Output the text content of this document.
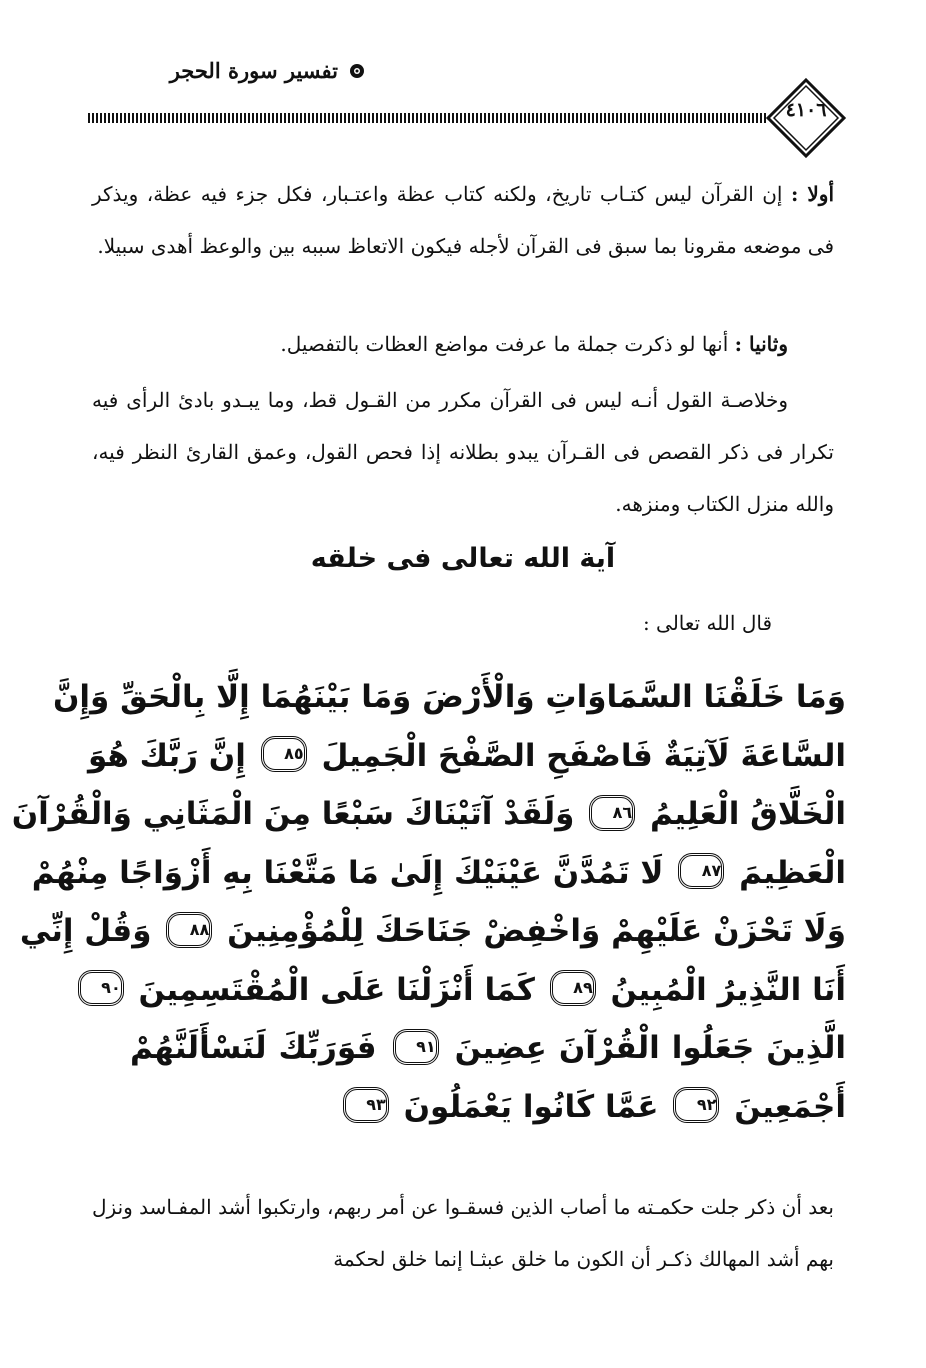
تفسير سورة الحجر
٤١٠٦

أولا : إن القرآن ليس كتـاب تاريخ، ولكنه كتاب عظة واعتـبار، فكل جزء فيه عظة، ويذكر فى موضعه مقرونا بما سبق فى القرآن لأجله فيكون الاتعاظ سببه بين والوعظ أهدى سبيلا.

وثانيا : أنها لو ذكرت جملة ما عرفت مواضع العظات بالتفصيل.

وخلاصـة القول أنـه ليس فى القرآن مكرر من القـول قط، وما يبـدو بادئ الرأى فيه تكرار فى ذكر القصص فى القـرآن يبدو بطلانه إذا فحص القول، وعمق القارئ النظر فيه، والله منزل الكتاب ومنزهه.

آية الله تعالى فى خلقه

قال الله تعالى :

وَمَا خَلَقْنَا السَّمَاوَاتِ وَالْأَرْضَ وَمَا بَيْنَهُمَا إِلَّا بِالْحَقِّ وَإِنَّ
السَّاعَةَ لَآتِيَةٌ فَاصْفَحِ الصَّفْحَ الْجَمِيلَ ٨٥ إِنَّ رَبَّكَ هُوَ
الْخَلَّاقُ الْعَلِيمُ ٨٦ وَلَقَدْ آتَيْنَاكَ سَبْعًا مِنَ الْمَثَانِي وَالْقُرْآنَ
الْعَظِيمَ ٨٧ لَا تَمُدَّنَّ عَيْنَيْكَ إِلَىٰ مَا مَتَّعْنَا بِهِ أَزْوَاجًا مِنْهُمْ
وَلَا تَحْزَنْ عَلَيْهِمْ وَاخْفِضْ جَنَاحَكَ لِلْمُؤْمِنِينَ ٨٨ وَقُلْ إِنِّي
أَنَا النَّذِيرُ الْمُبِينُ ٨٩ كَمَا أَنْزَلْنَا عَلَى الْمُقْتَسِمِينَ ٩٠
الَّذِينَ جَعَلُوا الْقُرْآنَ عِضِينَ ٩١ فَوَرَبِّكَ لَنَسْأَلَنَّهُمْ
أَجْمَعِينَ ٩٢ عَمَّا كَانُوا يَعْمَلُونَ ٩٣

بعد أن ذكر جلت حكمـته ما أصاب الذين فسقـوا عن أمر ربهم، وارتكبوا أشد المفـاسد ونزل بهم أشد المهالك ذكـر أن الكون ما خلق عبثـا إنما خلق لحكمة
